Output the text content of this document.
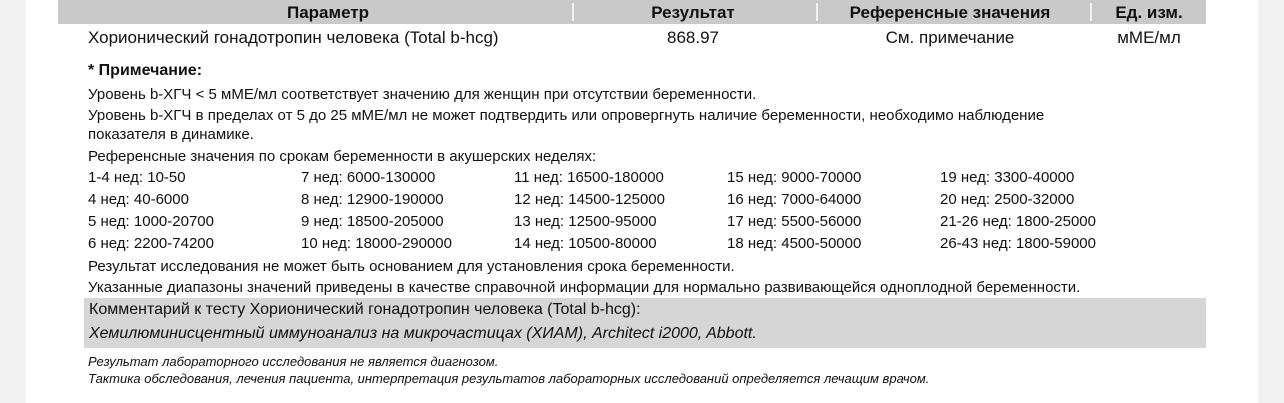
Параметр	Результат	Референсные значения	Ед. изм.
Хорионический гонадотропин человека (Total b-hcg)	868.97	См. примечание	мМЕ/мл
* Примечание:
Уровень b-ХГЧ < 5 мМЕ/мл соответствует значению для женщин при отсутствии беременности.
Уровень b-ХГЧ в пределах от 5 до 25 мМЕ/мл не может подтвердить или опровергнуть наличие беременности, необходимо наблюдение
показателя в динамике.
Референсные значения по срокам беременности в акушерских неделях:
1-4 нед: 10-50	7 нед: 6000-130000	11 нед: 16500-180000	15 нед: 9000-70000	19 нед: 3300-40000
4 нед: 40-6000	8 нед: 12900-190000	12 нед: 14500-125000	16 нед: 7000-64000	20 нед: 2500-32000
5 нед: 1000-20700	9 нед: 18500-205000	13 нед: 12500-95000	17 нед: 5500-56000	21-26 нед: 1800-25000
6 нед: 2200-74200	10 нед: 18000-290000	14 нед: 10500-80000	18 нед: 4500-50000	26-43 нед: 1800-59000
Результат исследования не может быть основанием для установления срока беременности.
Указанные диапазоны значений приведены в качестве справочной информации для нормально развивающейся одноплодной беременности.
Комментарий к тесту Хорионический гонадотропин человека (Total b-hcg):
Хемилюминисцентный иммуноанализ на микрочастицах (ХИАМ), Architect i2000, Abbott.
Результат лабораторного исследования не является диагнозом.
Тактика обследования, лечения пациента, интерпретация результатов лабораторных исследований определяется лечащим врачом.
